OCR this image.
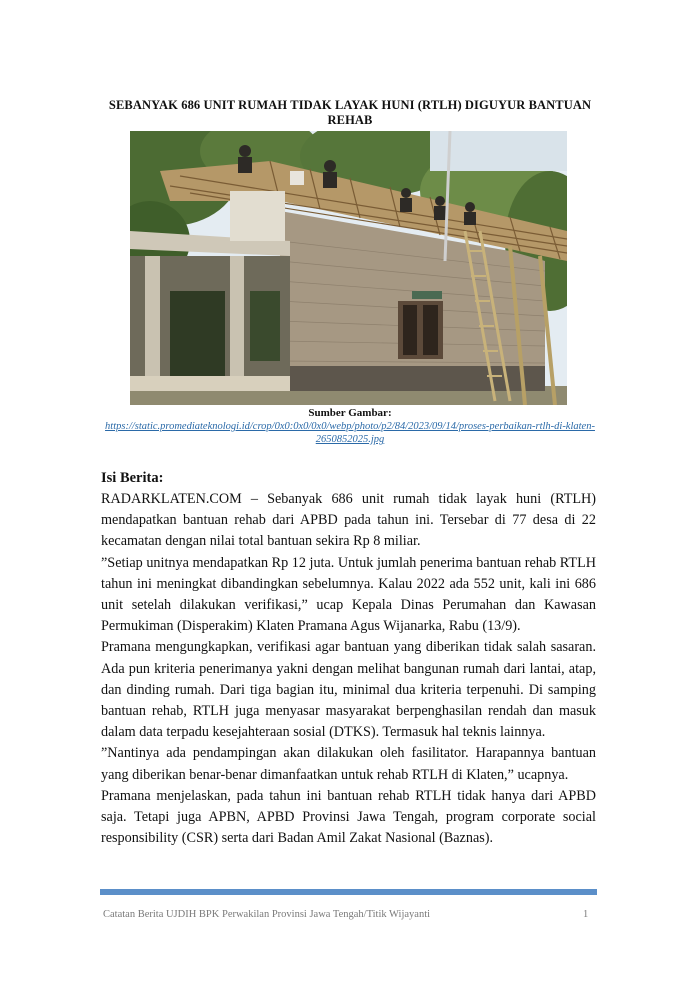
SEBANYAK 686 UNIT RUMAH TIDAK LAYAK HUNI (RTLH) DIGUYUR BANTUAN REHAB
Sumber Gambar:
https://static.promediateknologi.id/crop/0x0:0x0/0x0/webp/photo/p2/84/2023/09/14/proses-perbaikan-rtlh-di-klaten-2650852025.jpg
Isi Berita:

RADARKLATEN.COM – Sebanyak 686 unit rumah tidak layak huni (RTLH) mendapatkan bantuan rehab dari APBD pada tahun ini. Tersebar di 77 desa di 22 kecamatan dengan nilai total bantuan sekira Rp 8 miliar.

”Setiap unitnya mendapatkan Rp 12 juta. Untuk jumlah penerima bantuan rehab RTLH tahun ini meningkat dibandingkan sebelumnya. Kalau 2022 ada 552 unit, kali ini 686 unit setelah dilakukan verifikasi,” ucap Kepala Dinas Perumahan dan Kawasan Permukiman (Disperakim) Klaten Pramana Agus Wijanarka, Rabu (13/9).

Pramana mengungkapkan, verifikasi agar bantuan yang diberikan tidak salah sasaran. Ada pun kriteria penerimanya yakni dengan melihat bangunan rumah dari lantai, atap, dan dinding rumah. Dari tiga bagian itu, minimal dua kriteria terpenuhi. Di samping bantuan rehab, RTLH juga menyasar masyarakat berpenghasilan rendah dan masuk dalam data terpadu kesejahteraan sosial (DTKS). Termasuk hal teknis lainnya.

”Nantinya ada pendampingan akan dilakukan oleh fasilitator. Harapannya bantuan yang diberikan benar-benar dimanfaatkan untuk rehab RTLH di Klaten,” ucapnya.

Pramana menjelaskan, pada tahun ini bantuan rehab RTLH tidak hanya dari APBD saja. Tetapi juga APBN, APBD Provinsi Jawa Tengah, program corporate social responsibility (CSR) serta dari Badan Amil Zakat Nasional (Baznas).

Catatan Berita UJDIH BPK Perwakilan Provinsi Jawa Tengah/Titik Wijayanti	1
